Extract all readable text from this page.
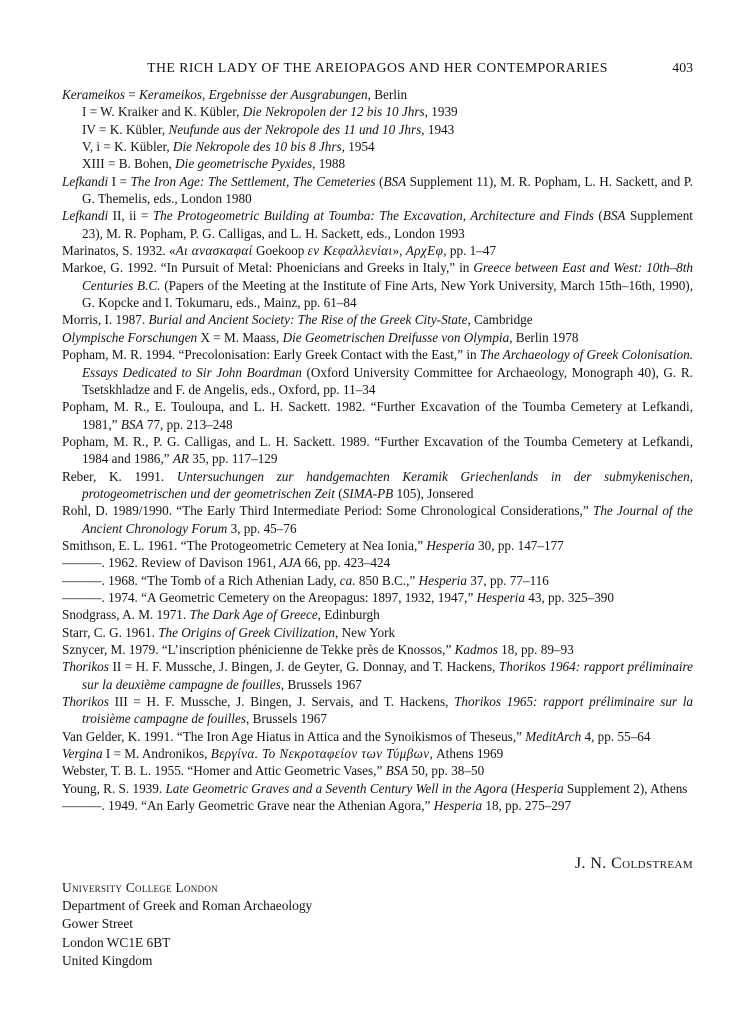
THE RICH LADY OF THE AREIOPAGOS AND HER CONTEMPORARIES	403
Kerameikos = Kerameikos, Ergebnisse der Ausgrabungen, Berlin
I = W. Kraiker and K. Kübler, Die Nekropolen der 12 bis 10 Jhrs, 1939
IV = K. Kübler, Neufunde aus der Nekropole des 11 und 10 Jhrs, 1943
V, i = K. Kübler, Die Nekropole des 10 bis 8 Jhrs, 1954
XIII = B. Bohen, Die geometrische Pyxides, 1988
Lefkandi I = The Iron Age: The Settlement, The Cemeteries (BSA Supplement 11), M. R. Popham, L. H. Sackett, and P. G. Themelis, eds., London 1980
Lefkandi II, ii = The Protogeometric Building at Toumba: The Excavation, Architecture and Finds (BSA Supplement 23), M. R. Popham, P. G. Calligas, and L. H. Sackett, eds., London 1993
Marinatos, S. 1932. «Αι ανασκαφαί Goekoop εν Κεφαλλενίαι», ΑρχΕφ, pp. 1–47
Markoe, G. 1992. “In Pursuit of Metal: Phoenicians and Greeks in Italy,” in Greece between East and West: 10th–8th Centuries B.C. (Papers of the Meeting at the Institute of Fine Arts, New York University, March 15th–16th, 1990), G. Kopcke and I. Tokumaru, eds., Mainz, pp. 61–84
Morris, I. 1987. Burial and Ancient Society: The Rise of the Greek City-State, Cambridge
Olympische Forschungen X = M. Maass, Die Geometrischen Dreifusse von Olympia, Berlin 1978
Popham, M. R. 1994. “Precolonisation: Early Greek Contact with the East,” in The Archaeology of Greek Colonisation. Essays Dedicated to Sir John Boardman (Oxford University Committee for Archaeology, Monograph 40), G. R. Tsetskhladze and F. de Angelis, eds., Oxford, pp. 11–34
Popham, M. R., E. Touloupa, and L. H. Sackett. 1982. “Further Excavation of the Toumba Cemetery at Lefkandi, 1981,” BSA 77, pp. 213–248
Popham, M. R., P. G. Calligas, and L. H. Sackett. 1989. “Further Excavation of the Toumba Cemetery at Lefkandi, 1984 and 1986,” AR 35, pp. 117–129
Reber, K. 1991. Untersuchungen zur handgemachten Keramik Griechenlands in der submykenischen, protogeometrischen und der geometrischen Zeit (SIMA-PB 105), Jonsered
Rohl, D. 1989/1990. “The Early Third Intermediate Period: Some Chronological Considerations,” The Journal of the Ancient Chronology Forum 3, pp. 45–76
Smithson, E. L. 1961. “The Protogeometric Cemetery at Nea Ionia,” Hesperia 30, pp. 147–177
———. 1962. Review of Davison 1961, AJA 66, pp. 423–424
———. 1968. “The Tomb of a Rich Athenian Lady, ca. 850 B.C.,” Hesperia 37, pp. 77–116
———. 1974. “A Geometric Cemetery on the Areopagus: 1897, 1932, 1947,” Hesperia 43, pp. 325–390
Snodgrass, A. M. 1971. The Dark Age of Greece, Edinburgh
Starr, C. G. 1961. The Origins of Greek Civilization, New York
Sznycer, M. 1979. “L’inscription phénicienne de Tekke près de Knossos,” Kadmos 18, pp. 89–93
Thorikos II = H. F. Mussche, J. Bingen, J. de Geyter, G. Donnay, and T. Hackens, Thorikos 1964: rapport préliminaire sur la deuxième campagne de fouilles, Brussels 1967
Thorikos III = H. F. Mussche, J. Bingen, J. Servais, and T. Hackens, Thorikos 1965: rapport préliminaire sur la troisième campagne de fouilles, Brussels 1967
Van Gelder, K. 1991. “The Iron Age Hiatus in Attica and the Synoikismos of Theseus,” MeditArch 4, pp. 55–64
Vergina I = M. Andronikos, Βεργίνα. Το Νεκροταφείον των Τύμβων, Athens 1969
Webster, T. B. L. 1955. “Homer and Attic Geometric Vases,” BSA 50, pp. 38–50
Young, R. S. 1939. Late Geometric Graves and a Seventh Century Well in the Agora (Hesperia Supplement 2), Athens
———. 1949. “An Early Geometric Grave near the Athenian Agora,” Hesperia 18, pp. 275–297
J. N. Coldstream
University College London
Department of Greek and Roman Archaeology
Gower Street
London WC1E 6BT
United Kingdom
